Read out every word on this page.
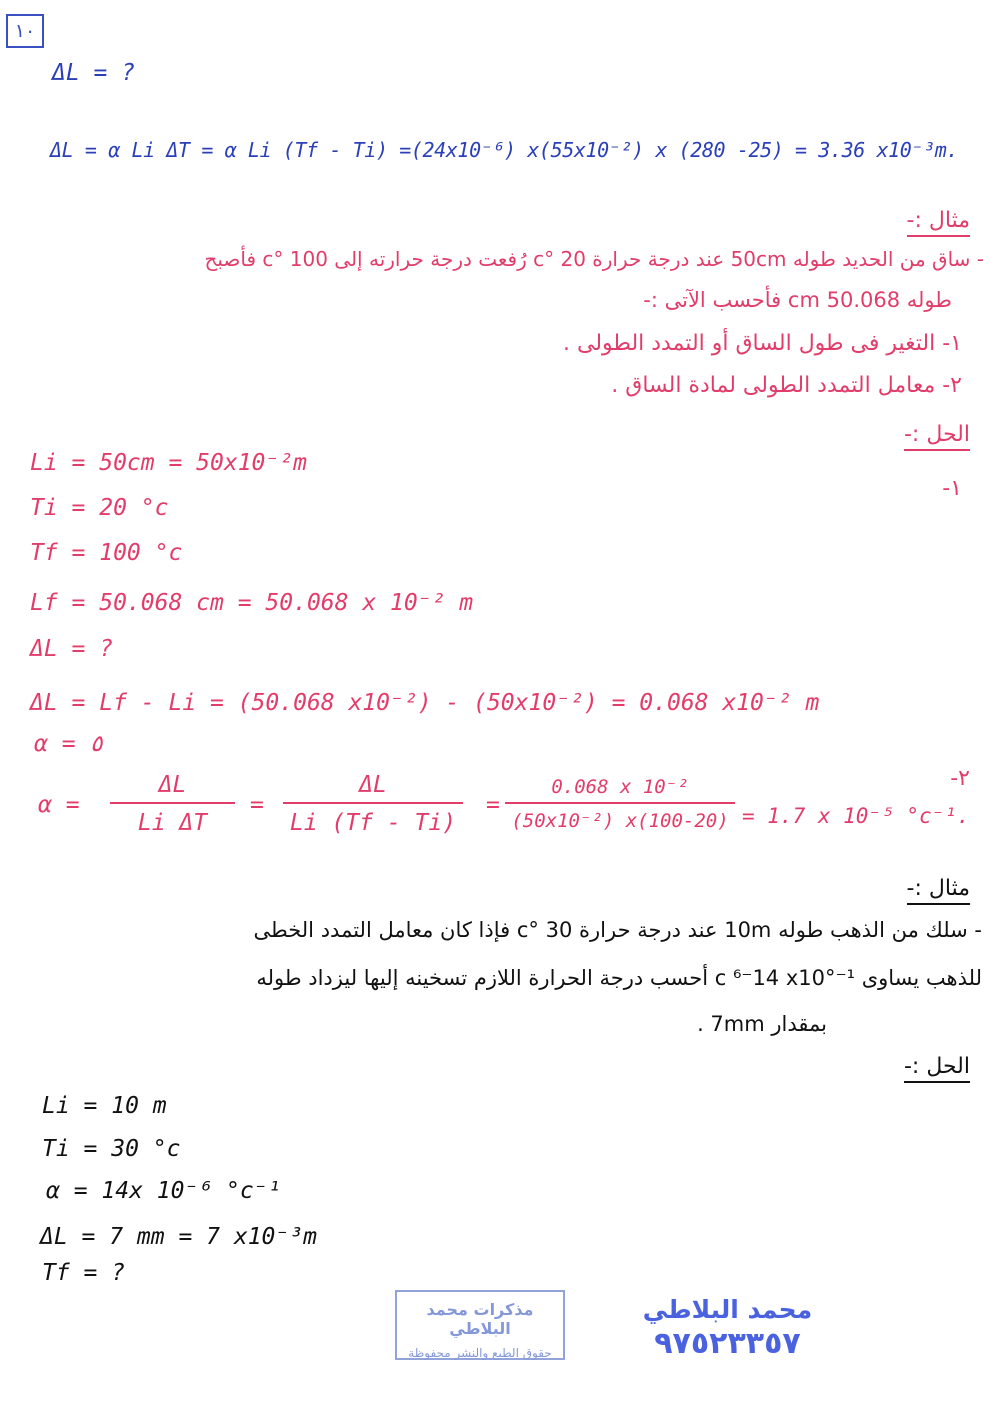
١٠
ΔL = ?
ΔL = α Li ΔT = α Li (Tf - Ti) =(24x10⁻⁶) x(55x10⁻²) x (280 -25) = 3.36 x10⁻³m.
مثال :-
- ساق من الحديد طوله 50cm عند درجة حرارة 20 °c رُفعت درجة حرارته إلى 100 °c فأصبح
طوله 50.068 cm فأحسب الآتى :-
١- التغير فى طول الساق أو التمدد الطولى .
٢- معامل التمدد الطولى لمادة الساق .
الحل :-
-١
Li = 50cm = 50x10⁻²m
Ti = 20 °c
Tf = 100 °c
Lf = 50.068 cm = 50.068 x 10⁻² m
ΔL = ?
ΔL = Lf - Li = (50.068 x10⁻²) - (50x10⁻²) = 0.068 x10⁻² m
α = ٥
$\alpha = \frac{\Delta L}{\text{Li ΔT}} = \frac{\Delta L}{Li (Tf - Ti)} = \frac{\text{0.068 x 10⁻²}}{\text{(50x10⁻²) x(100-20)}} = 1.7$ x 10⁻⁵ °c⁻¹.
-٢
مثال :-
- سلك من الذهب طوله 10m عند درجة حرارة 30 °c فإذا كان معامل التمدد الخطى
للذهب يساوى ¹⁻°c ⁶⁻14 x10 أحسب درجة الحرارة اللازم تسخينه إليها ليزداد طوله
بمقدار 7mm .
الحل :-
Li = 10 m
Ti = 30 °c
α = 14x 10⁻⁶ °c⁻¹
ΔL = 7 mm = 7 x10⁻³m
Tf = ?
مذكرات محمد البلاطي
حقوق الطبع والنشر محفوظة
محمد البلاطي
٩٧٥٢٣٣٥٧
